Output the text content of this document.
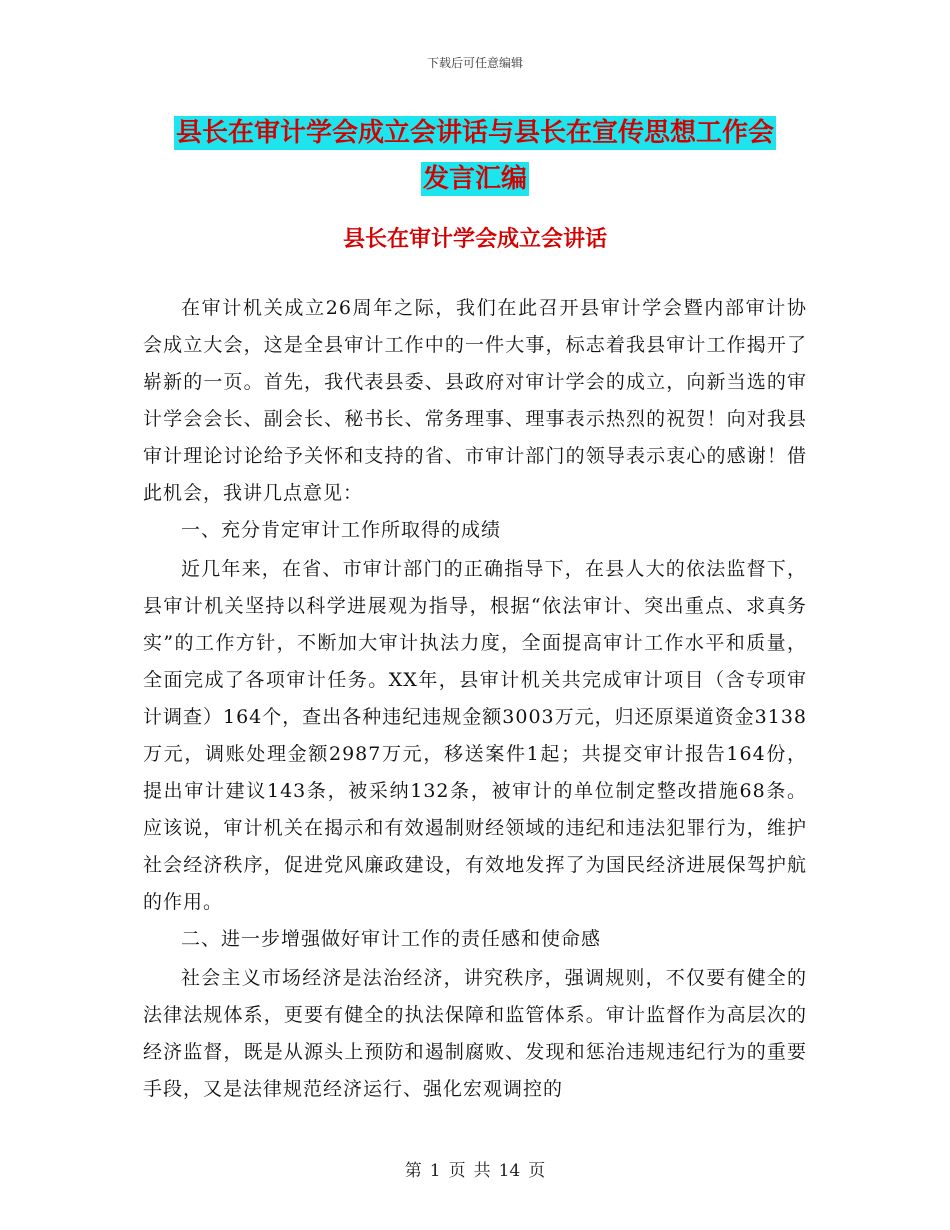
下载后可任意编辑
县长在审计学会成立会讲话与县长在宣传思想工作会
发言汇编
县长在审计学会成立会讲话

在审计机关成立26周年之际，我们在此召开县审计学会暨内部审计协会成立大会，这是全县审计工作中的一件大事，标志着我县审计工作揭开了崭新的一页。首先，我代表县委、县政府对审计学会的成立，向新当选的审计学会会长、副会长、秘书长、常务理事、理事表示热烈的祝贺！向对我县审计理论讨论给予关怀和支持的省、市审计部门的领导表示衷心的感谢！借此机会，我讲几点意见：

一、充分肯定审计工作所取得的成绩

近几年来，在省、市审计部门的正确指导下，在县人大的依法监督下，县审计机关坚持以科学进展观为指导，根据“依法审计、突出重点、求真务实”的工作方针，不断加大审计执法力度，全面提高审计工作水平和质量，全面完成了各项审计任务。XX年，县审计机关共完成审计项目（含专项审计调查）164个，查出各种违纪违规金额3003万元，归还原渠道资金3138万元，调账处理金额2987万元，移送案件1起；共提交审计报告164份，提出审计建议143条，被采纳132条，被审计的单位制定整改措施68条。应该说，审计机关在揭示和有效遏制财经领域的违纪和违法犯罪行为，维护社会经济秩序，促进党风廉政建设，有效地发挥了为国民经济进展保驾护航的作用。

二、进一步增强做好审计工作的责任感和使命感

社会主义市场经济是法治经济，讲究秩序，强调规则，不仅要有健全的法律法规体系，更要有健全的执法保障和监管体系。审计监督作为高层次的经济监督，既是从源头上预防和遏制腐败、发现和惩治违规违纪行为的重要手段，又是法律规范经济运行、强化宏观调控的

第 1 页 共 14 页
